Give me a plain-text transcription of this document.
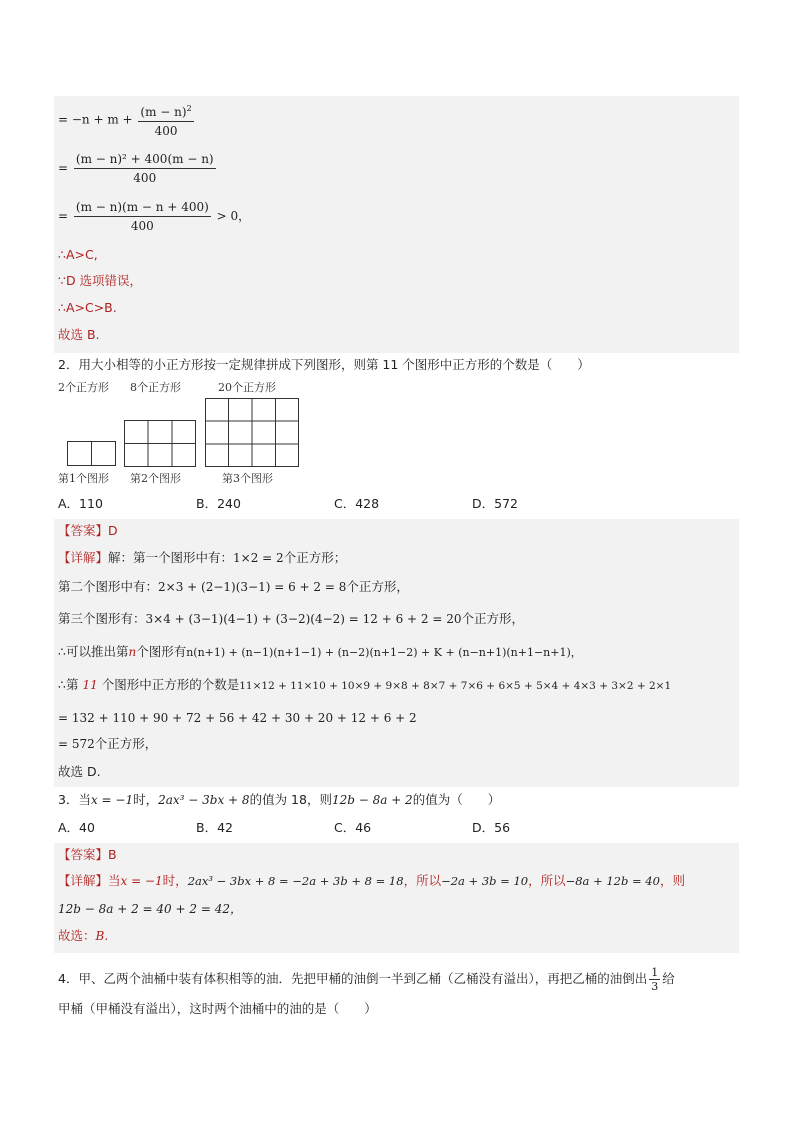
= $-n + m + \frac{(m - n)^2}{400}$
= $\frac{\text{(m − n)² + 400(m − n)}}{400}$
= $\frac{(m - n)(m - n + 400)}{400} > 0$，
∴A>C,
∵D 选项错误，
∴A>C>B.
故选 B.
2．用大小相等的小正方形按一定规律拼成下列图形，则第 11 个图形中正方形的个数是（　　）
2个正方形 8个正方形	20个正方形
第1个图形 第2个图形	第3个图形
A．110	B．240	C．428	D．572
【答案】D
【详解】解：第一个图形中有：1×2 = 2个正方形；
第二个图形中有：2×3 + (2−1)(3−1) = 6 + 2 = 8个正方形，
第三个图形有：3×4 + (3−1)(4−1) + (3−2)(4−2) = 12 + 6 + 2 = 20个正方形，
∴可以推出第n个图形有n(n+1) + (n−1)(n+1−1) + (n−2)(n+1−2) + K + (n−n+1)(n+1−n+1)，
∴第 11 个图形中正方形的个数是11×12 + 11×10 + 10×9 + 9×8 + 8×7 + 7×6 + 6×5 + 5×4 + 4×3 + 3×2 + 2×1
= 132 + 110 + 90 + 72 + 56 + 42 + 30 + 20 + 12 + 6 + 2
= 572个正方形，
故选 D.
3．当x = −1时，2ax³ − 3bx + 8的值为 18，则12b − 8a + 2的值为（　　）
A．40	B．42	C．46	D．56
【答案】B
【详解】当x = −1时，2ax³ − 3bx + 8 = −2a + 3b + 8 = 18，所以−2a + 3b = 10，所以−8a + 12b = 40，则
12b − 8a + 2 = 40 + 2 = 42，
故选：B.
4．甲、乙两个油桶中装有体积相等的油．先把甲桶的油倒一半到乙桶（乙桶没有溢出），再把乙桶的油倒出 $\frac{1}{3}$ 给
甲桶（甲桶没有溢出），这时两个油桶中的油的是（　　）
